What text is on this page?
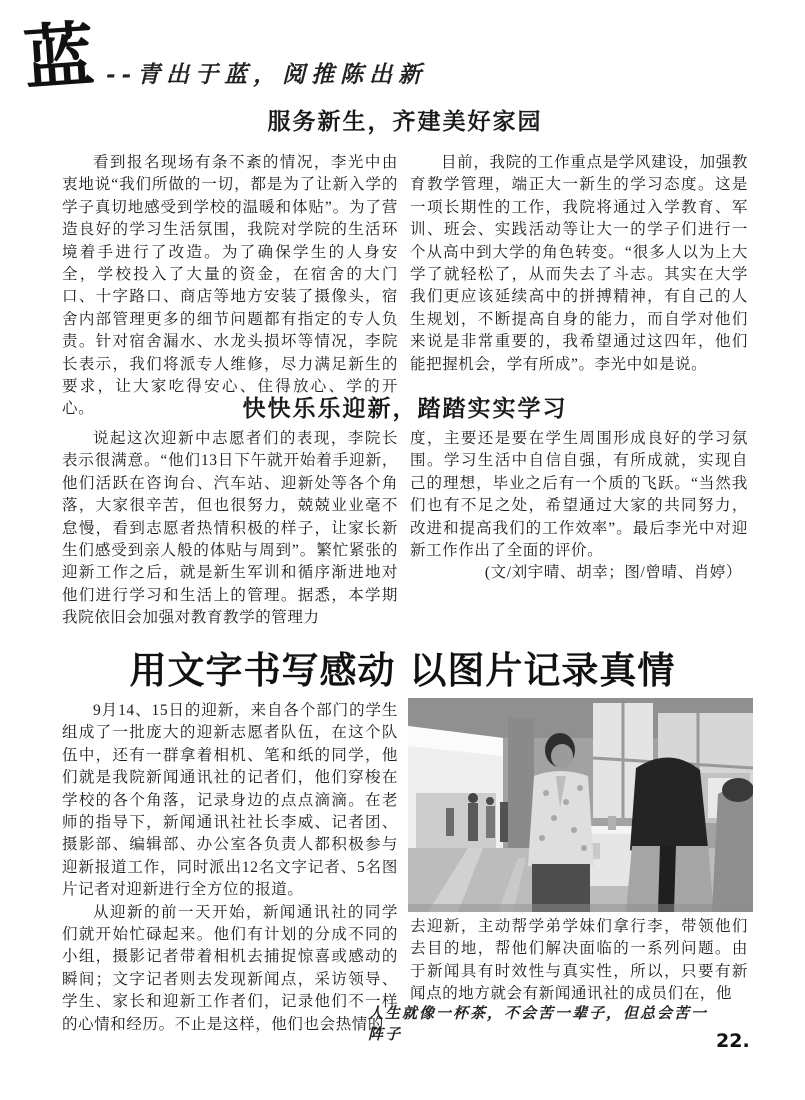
蓝 --青出于蓝，阅推陈出新
服务新生，齐建美好家园

看到报名现场有条不紊的情况，李光中由衷地说“我们所做的一切，都是为了让新入学的学子真切地感受到学校的温暖和体贴”。为了营造良好的学习生活氛围，我院对学院的生活环境着手进行了改造。为了确保学生的人身安全，学校投入了大量的资金，在宿舍的大门口、十字路口、商店等地方安装了摄像头，宿舍内部管理更多的细节问题都有指定的专人负责。针对宿舍漏水、水龙头损坏等情况，李院长表示，我们将派专人维修，尽力满足新生的要求，让大家吃得安心、住得放心、学的开心。

目前，我院的工作重点是学风建设，加强教育教学管理，端正大一新生的学习态度。这是一项长期性的工作，我院将通过入学教育、军训、班会、实践活动等让大一的学子们进行一个从高中到大学的角色转变。“很多人以为上大学了就轻松了，从而失去了斗志。其实在大学我们更应该延续高中的拼搏精神，有自己的人生规划，不断提高自身的能力，而自学对他们来说是非常重要的，我希望通过这四年，他们能把握机会，学有所成”。李光中如是说。

快快乐乐迎新，踏踏实实学习

说起这次迎新中志愿者们的表现，李院长表示很满意。“他们13日下午就开始着手迎新，他们活跃在咨询台、汽车站、迎新处等各个角落，大家很辛苦，但也很努力，兢兢业业毫不怠慢，看到志愿者热情积极的样子，让家长新生们感受到亲人般的体贴与周到”。繁忙紧张的迎新工作之后，就是新生军训和循序渐进地对他们进行学习和生活上的管理。据悉，本学期我院依旧会加强对教育教学的管理力

度，主要还是要在学生周围形成良好的学习氛围。学习生活中自信自强，有所成就，实现自己的理想，毕业之后有一个质的飞跃。“当然我们也有不足之处，希望通过大家的共同努力，改进和提高我们的工作效率”。最后李光中对迎新工作作出了全面的评价。

(文/刘宇晴、胡幸；图/曾晴、肖婷）

用文字书写感动 以图片记录真情

9月14、15日的迎新，来自各个部门的学生组成了一批庞大的迎新志愿者队伍，在这个队伍中，还有一群拿着相机、笔和纸的同学，他们就是我院新闻通讯社的记者们，他们穿梭在学校的各个角落，记录身边的点点滴滴。在老师的指导下，新闻通讯社社长李威、记者团、摄影部、编辑部、办公室各负责人都积极参与迎新报道工作，同时派出12名文字记者、5名图片记者对迎新进行全方位的报道。

从迎新的前一天开始，新闻通讯社的同学们就开始忙碌起来。他们有计划的分成不同的小组，摄影记者带着相机去捕捉惊喜或感动的瞬间；文字记者则去发现新闻点，采访领导、学生、家长和迎新工作者们，记录他们不一样的心情和经历。不止是这样，他们也会热情的

去迎新，主动帮学弟学妹们拿行李，带领他们去目的地，帮他们解决面临的一系列问题。由于新闻具有时效性与真实性，所以，只要有新闻点的地方就会有新闻通讯社的成员们在，他

人生就像一杯茶，不会苦一辈子，但总会苦一阵子	22.
